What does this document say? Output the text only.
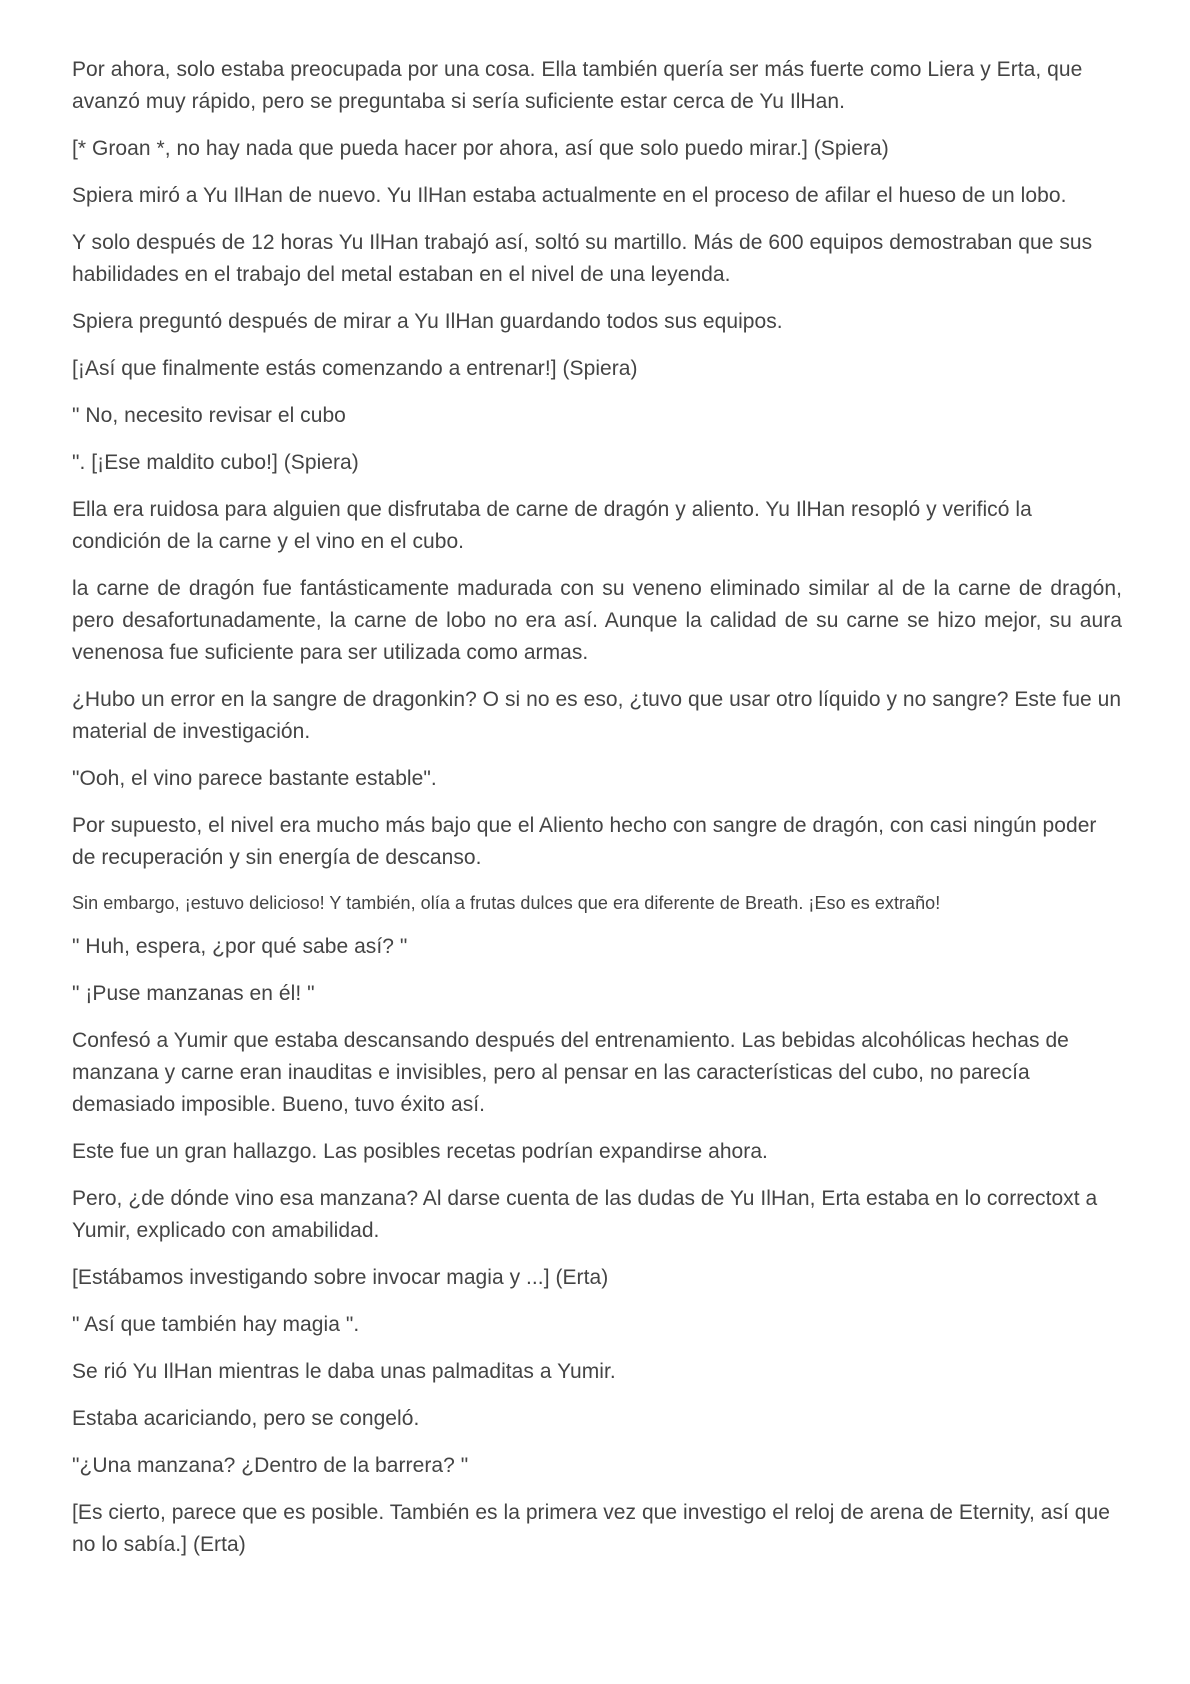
Por ahora, solo estaba preocupada por una cosa. Ella también quería ser más fuerte como Liera y Erta, que avanzó muy rápido, pero se preguntaba si sería suficiente estar cerca de Yu IlHan.

[* Groan *, no hay nada que pueda hacer por ahora, así que solo puedo mirar.] (Spiera)

Spiera miró a Yu IlHan de nuevo. Yu IlHan estaba actualmente en el proceso de afilar el hueso de un lobo.

Y solo después de 12 horas Yu IlHan trabajó así, soltó su martillo. Más de 600 equipos demostraban que sus habilidades en el trabajo del metal estaban en el nivel de una leyenda.

Spiera preguntó después de mirar a Yu IlHan guardando todos sus equipos.

[¡Así que finalmente estás comenzando a entrenar!] (Spiera)

" No, necesito revisar el cubo

". [¡Ese maldito cubo!] (Spiera)

Ella era ruidosa para alguien que disfrutaba de carne de dragón y aliento. Yu IlHan resopló y verificó la condición de la carne y el vino en el cubo.

la carne de dragón fue fantásticamente madurada con su veneno eliminado similar al de la carne de dragón, pero desafortunadamente, la carne de lobo no era así. Aunque la calidad de su carne se hizo mejor, su aura venenosa fue suficiente para ser utilizada como armas.

¿Hubo un error en la sangre de dragonkin? O si no es eso, ¿tuvo que usar otro líquido y no sangre? Este fue un material de investigación.

"Ooh, el vino parece bastante estable".

Por supuesto, el nivel era mucho más bajo que el Aliento hecho con sangre de dragón, con casi ningún poder de recuperación y sin energía de descanso.

Sin embargo, ¡estuvo delicioso! Y también, olía a frutas dulces que era diferente de Breath. ¡Eso es extraño!

" Huh, espera, ¿por qué sabe así? "

" ¡Puse manzanas en él! "

Confesó a Yumir que estaba descansando después del entrenamiento. Las bebidas alcohólicas hechas de manzana y carne eran inauditas e invisibles, pero al pensar en las características del cubo, no parecía demasiado imposible. Bueno, tuvo éxito así.

Este fue un gran hallazgo. Las posibles recetas podrían expandirse ahora.

Pero, ¿de dónde vino esa manzana? Al darse cuenta de las dudas de Yu IlHan, Erta estaba en lo correctoxt a Yumir, explicado con amabilidad.

[Estábamos investigando sobre invocar magia y ...] (Erta)

" Así que también hay magia ".

Se rió Yu IlHan mientras le daba unas palmaditas a Yumir.

Estaba acariciando, pero se congeló.

"¿Una manzana? ¿Dentro de la barrera? "

[Es cierto, parece que es posible. También es la primera vez que investigo el reloj de arena de Eternity, así que no lo sabía.] (Erta)
